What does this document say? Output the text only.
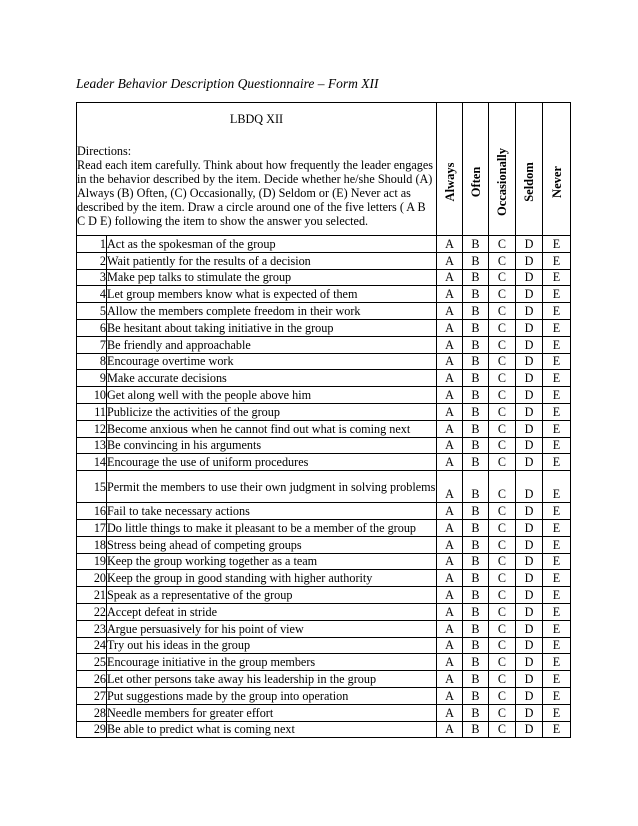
Leader Behavior Description Questionnaire – Form XII
LBDQ XII
Directions:
Read each item carefully. Think about how frequently the leader engages in the behavior described by the item. Decide whether he/she Should (A) Always (B) Often, (C) Occasionally, (D) Seldom or (E) Never act as described by the item. Draw a circle around one of the five letters ( A B C D E) following the item to show the answer you selected.		Always	Often	Occasionally	Seldom	Never

1	Act as the spokesman of the group	A	B	C	D	E
2	Wait patiently for the results of a decision	A	B	C	D	E
3	Make pep talks to stimulate the group	A	B	C	D	E
4	Let group members know what is expected of them	A	B	C	D	E
5	Allow the members complete freedom in their work	A	B	C	D	E
6	Be hesitant about taking initiative in the group	A	B	C	D	E
7	Be friendly and approachable	A	B	C	D	E
8	Encourage overtime work	A	B	C	D	E
9	Make accurate decisions	A	B	C	D	E
10	Get along well with the people above him	A	B	C	D	E
11	Publicize the activities of the group	A	B	C	D	E
12	Become anxious when he cannot find out what is coming next	A	B	C	D	E
13	Be convincing in his arguments	A	B	C	D	E
14	Encourage the use of uniform procedures	A	B	C	D	E
15	Permit the members to use their own judgment in solving problems	A	B	C	D	E
16	Fail to take necessary actions	A	B	C	D	E
17	Do little things to make it pleasant to be a member of the group	A	B	C	D	E
18	Stress being ahead of competing groups	A	B	C	D	E
19	Keep the group working together as a team	A	B	C	D	E
20	Keep the group in good standing with higher authority	A	B	C	D	E
21	Speak as a representative of the group	A	B	C	D	E
22	Accept defeat in stride	A	B	C	D	E
23	Argue persuasively for his point of view	A	B	C	D	E
24	Try out his ideas in the group	A	B	C	D	E
25	Encourage initiative in the group members	A	B	C	D	E
26	Let other persons take away his leadership in the group	A	B	C	D	E
27	Put suggestions made by the group into operation	A	B	C	D	E
28	Needle members for greater effort	A	B	C	D	E
29	Be able to predict what is coming next	A	B	C	D	E
